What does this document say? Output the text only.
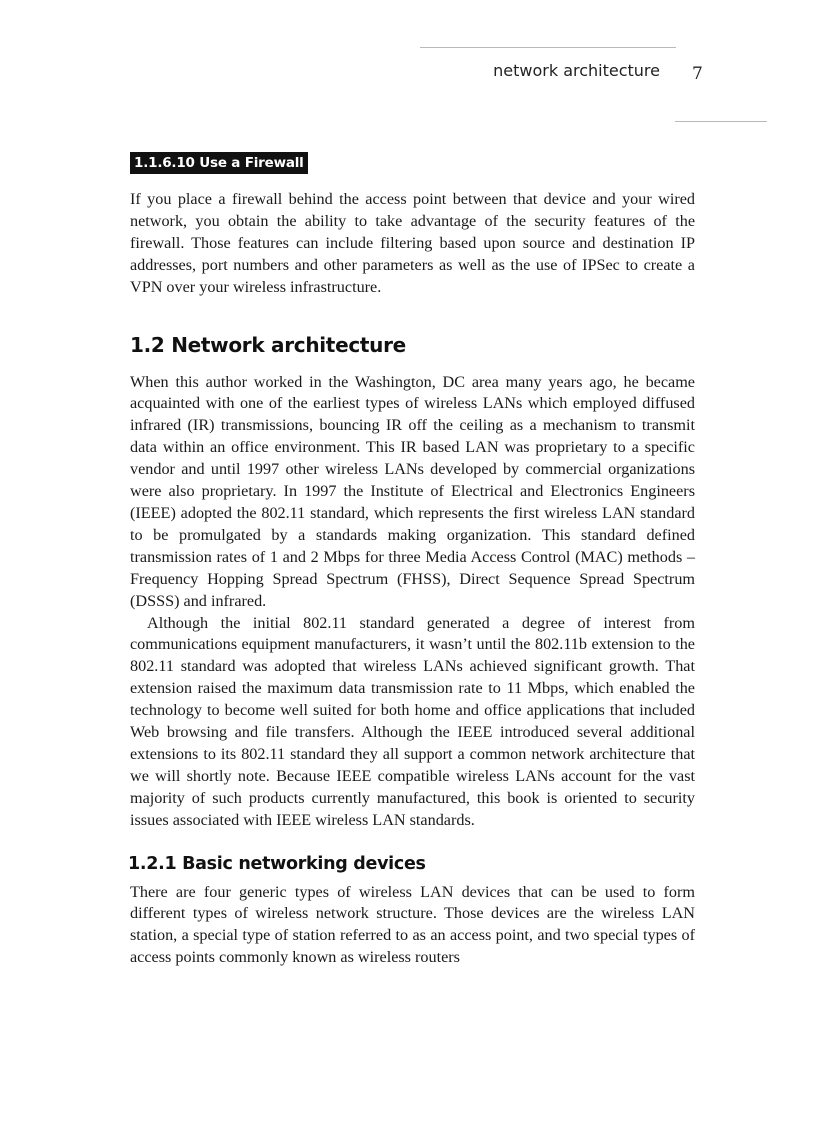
network architecture 7
1.1.6.10 Use a Firewall

If you place a firewall behind the access point between that device and your wired network, you obtain the ability to take advantage of the security features of the firewall. Those features can include filtering based upon source and destination IP addresses, port numbers and other parameters as well as the use of IPSec to create a VPN over your wireless infrastructure.

1.2 Network architecture

When this author worked in the Washington, DC area many years ago, he became acquainted with one of the earliest types of wireless LANs which employed diffused infrared (IR) transmissions, bouncing IR off the ceiling as a mechanism to transmit data within an office environment. This IR based LAN was proprietary to a specific vendor and until 1997 other wireless LANs developed by commercial organizations were also proprietary. In 1997 the Institute of Electrical and Electronics Engineers (IEEE) adopted the 802.11 standard, which represents the first wireless LAN standard to be promulgated by a standards making organization. This standard defined transmission rates of 1 and 2 Mbps for three Media Access Control (MAC) methods – Frequency Hopping Spread Spectrum (FHSS), Direct Sequence Spread Spectrum (DSSS) and infrared.

Although the initial 802.11 standard generated a degree of interest from communications equipment manufacturers, it wasn’t until the 802.11b extension to the 802.11 standard was adopted that wireless LANs achieved significant growth. That extension raised the maximum data transmission rate to 11 Mbps, which enabled the technology to become well suited for both home and office applications that included Web browsing and file transfers. Although the IEEE introduced several additional extensions to its 802.11 standard they all support a common network architecture that we will shortly note. Because IEEE compatible wireless LANs account for the vast majority of such products currently manufactured, this book is oriented to security issues associated with IEEE wireless LAN standards.

1.2.1 Basic networking devices

There are four generic types of wireless LAN devices that can be used to form different types of wireless network structure. Those devices are the wireless LAN station, a special type of station referred to as an access point, and two special types of access points commonly known as wireless routers
